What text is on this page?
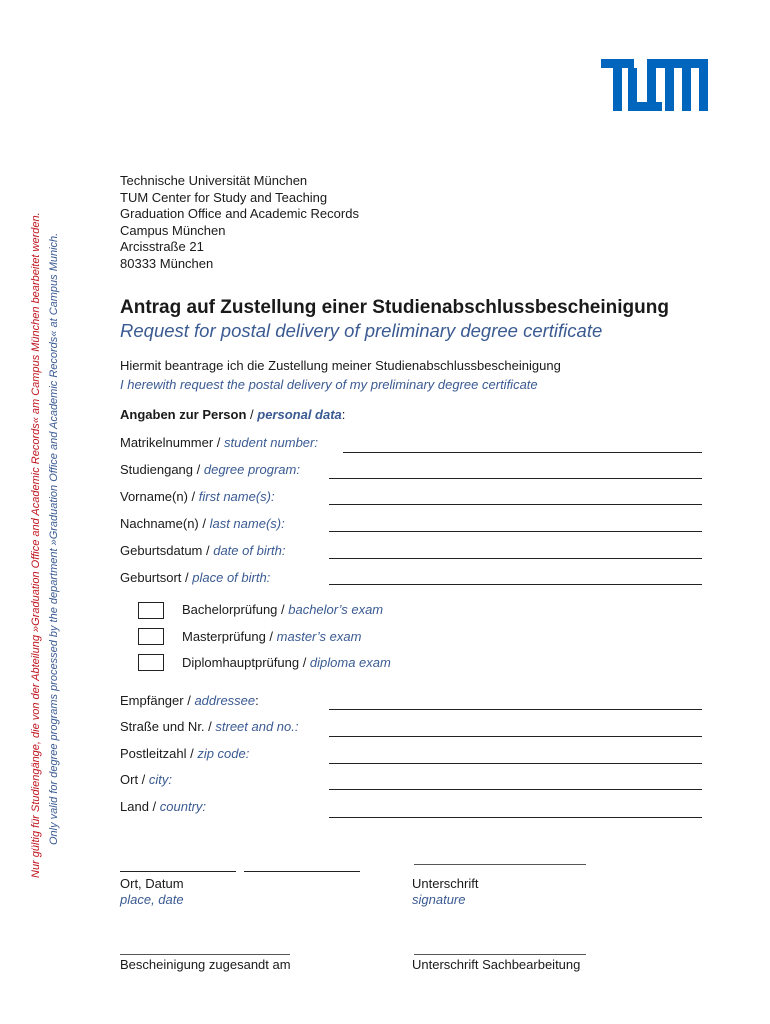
Nur gültig für Studiengänge, die von der Abteilung »Graduation Office and Academic Records« am Campus München bearbeitet werden. Only valid for degree programs processed by the department »Graduation Office and Academic Records« at Campus Munich.
Technische Universität München
TUM Center for Study and Teaching
Graduation Office and Academic Records
Campus München
Arcisstraße 21
80333 München
Antrag auf Zustellung einer Studienabschlussbescheinigung
Request for postal delivery of preliminary degree certificate
Hiermit beantrage ich die Zustellung meiner Studienabschlussbescheinigung
I herewith request the postal delivery of my preliminary degree certificate
Angaben zur Person / personal data:
Matrikelnummer / student number:
Studiengang / degree program:
Vorname(n) / first name(s):
Nachname(n) / last name(s):
Geburtsdatum / date of birth:
Geburtsort / place of birth:
Bachelorprüfung / bachelor’s exam
Masterprüfung / master’s exam
Diplomhauptprüfung / diploma exam
Empfänger / addressee:
Straße und Nr. / street and no.:
Postleitzahl / zip code:
Ort / city:
Land / country:
Ort, Datum
place, date
Unterschrift
signature
Bescheinigung zugesandt am	Unterschrift Sachbearbeitung
